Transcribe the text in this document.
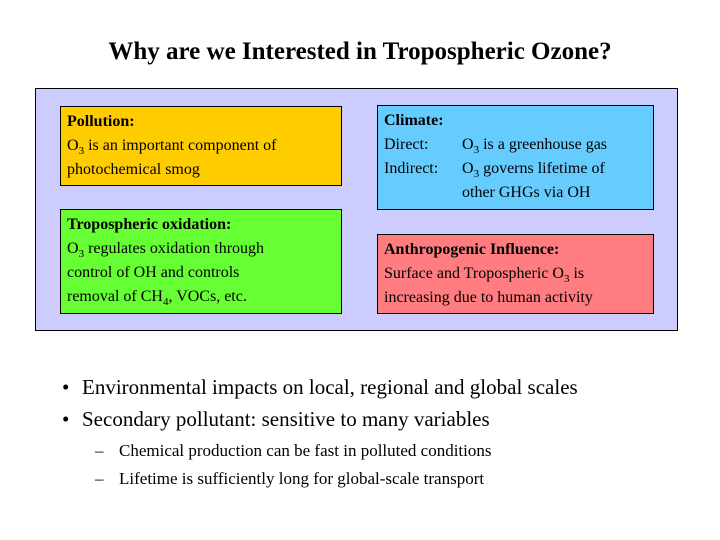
Why are we Interested in Tropospheric Ozone?
Pollution:
$O_3$ is an important component of
photochemical smog
Climate:
Direct: $O_3$ is a greenhouse gas
Indirect: $O_3$ governs lifetime of
other GHGs via OH
Tropospheric oxidation:
$O_3$ regulates oxidation through
control of OH and controls
removal of $CH_4$, VOCs, etc.
Anthropogenic Influence:
Surface and Tropospheric $O_3$ is
increasing due to human activity
• Environmental impacts on local, regional and global scales
• Secondary pollutant: sensitive to many variables
– Chemical production can be fast in polluted conditions
– Lifetime is sufficiently long for global-scale transport
